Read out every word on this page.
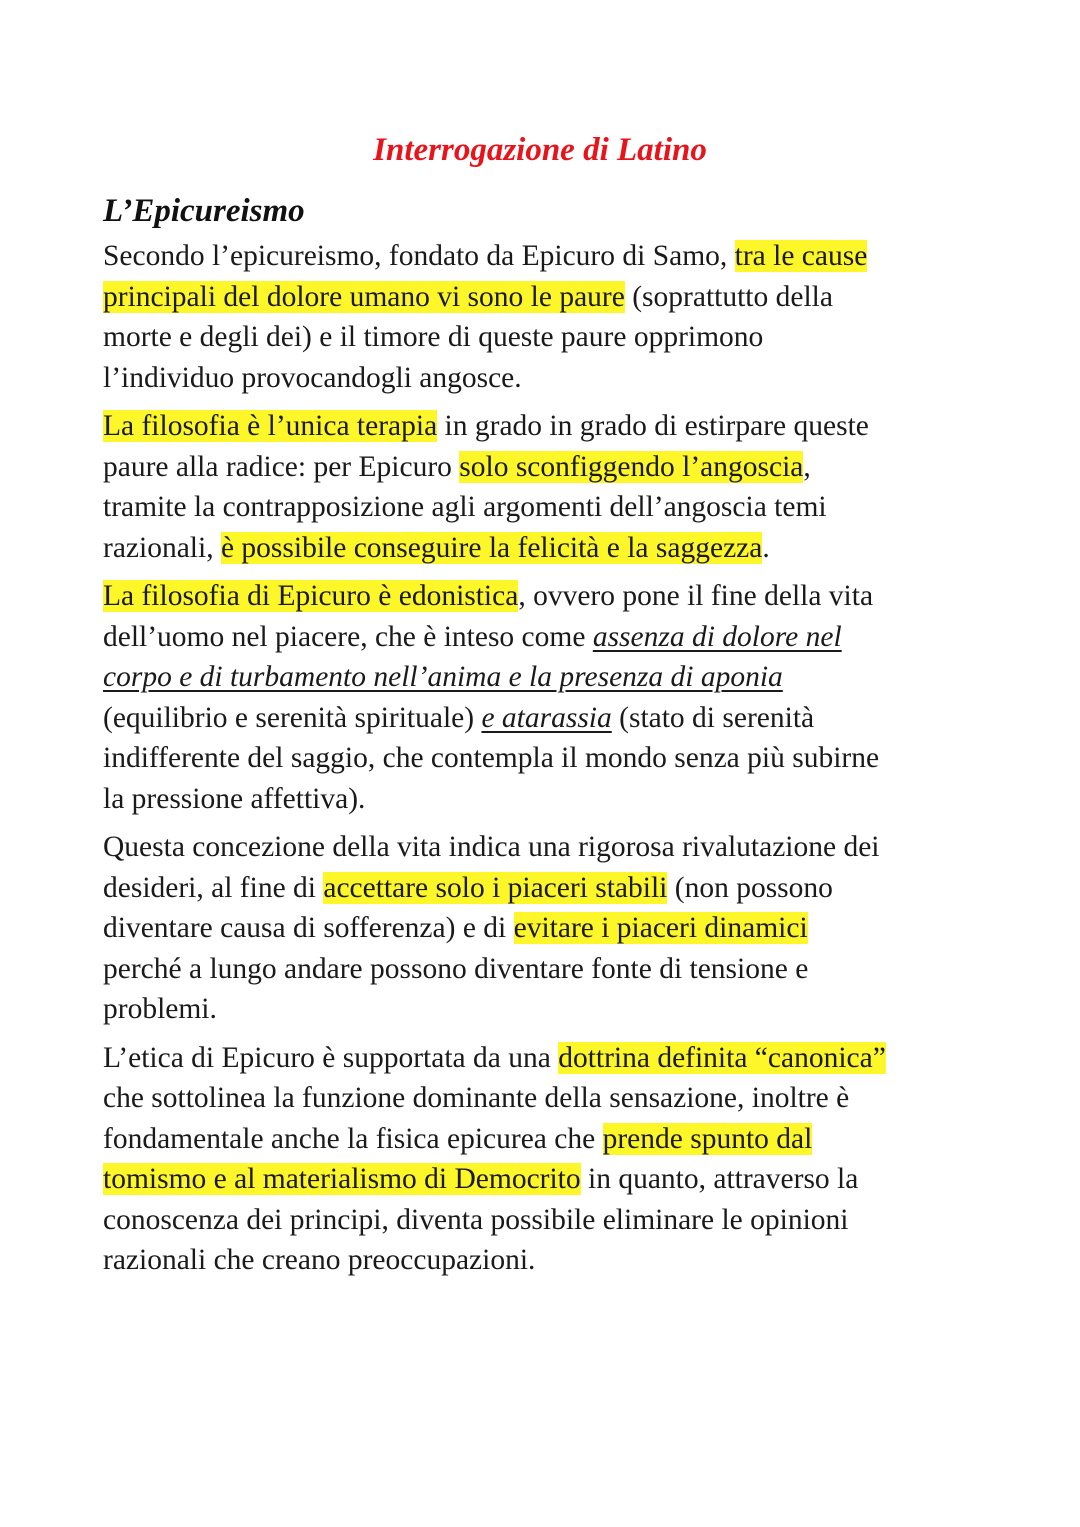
Interrogazione di Latino
L’Epicureismo

Secondo l’epicureismo, fondato da Epicuro di Samo, tra le cause
principali del dolore umano vi sono le paure (soprattutto della
morte e degli dei) e il timore di queste paure opprimono
l’individuo provocandogli angosce.

La filosofia è l’unica terapia in grado in grado di estirpare queste
paure alla radice: per Epicuro solo sconfiggendo l’angoscia,
tramite la contrapposizione agli argomenti dell’angoscia temi
razionali, è possibile conseguire la felicità e la saggezza.

La filosofia di Epicuro è edonistica, ovvero pone il fine della vita
dell’uomo nel piacere, che è inteso come assenza di dolore nel
corpo e di turbamento nell’anima e la presenza di aponia
(equilibrio e serenità spirituale) e atarassia (stato di serenità
indifferente del saggio, che contempla il mondo senza più subirne
la pressione affettiva).

Questa concezione della vita indica una rigorosa rivalutazione dei
desideri, al fine di accettare solo i piaceri stabili (non possono
diventare causa di sofferenza) e di evitare i piaceri dinamici
perché a lungo andare possono diventare fonte di tensione e
problemi.

L’etica di Epicuro è supportata da una dottrina definita “canonica”
che sottolinea la funzione dominante della sensazione, inoltre è
fondamentale anche la fisica epicurea che prende spunto dal
tomismo e al materialismo di Democrito in quanto, attraverso la
conoscenza dei principi, diventa possibile eliminare le opinioni
razionali che creano preoccupazioni.
